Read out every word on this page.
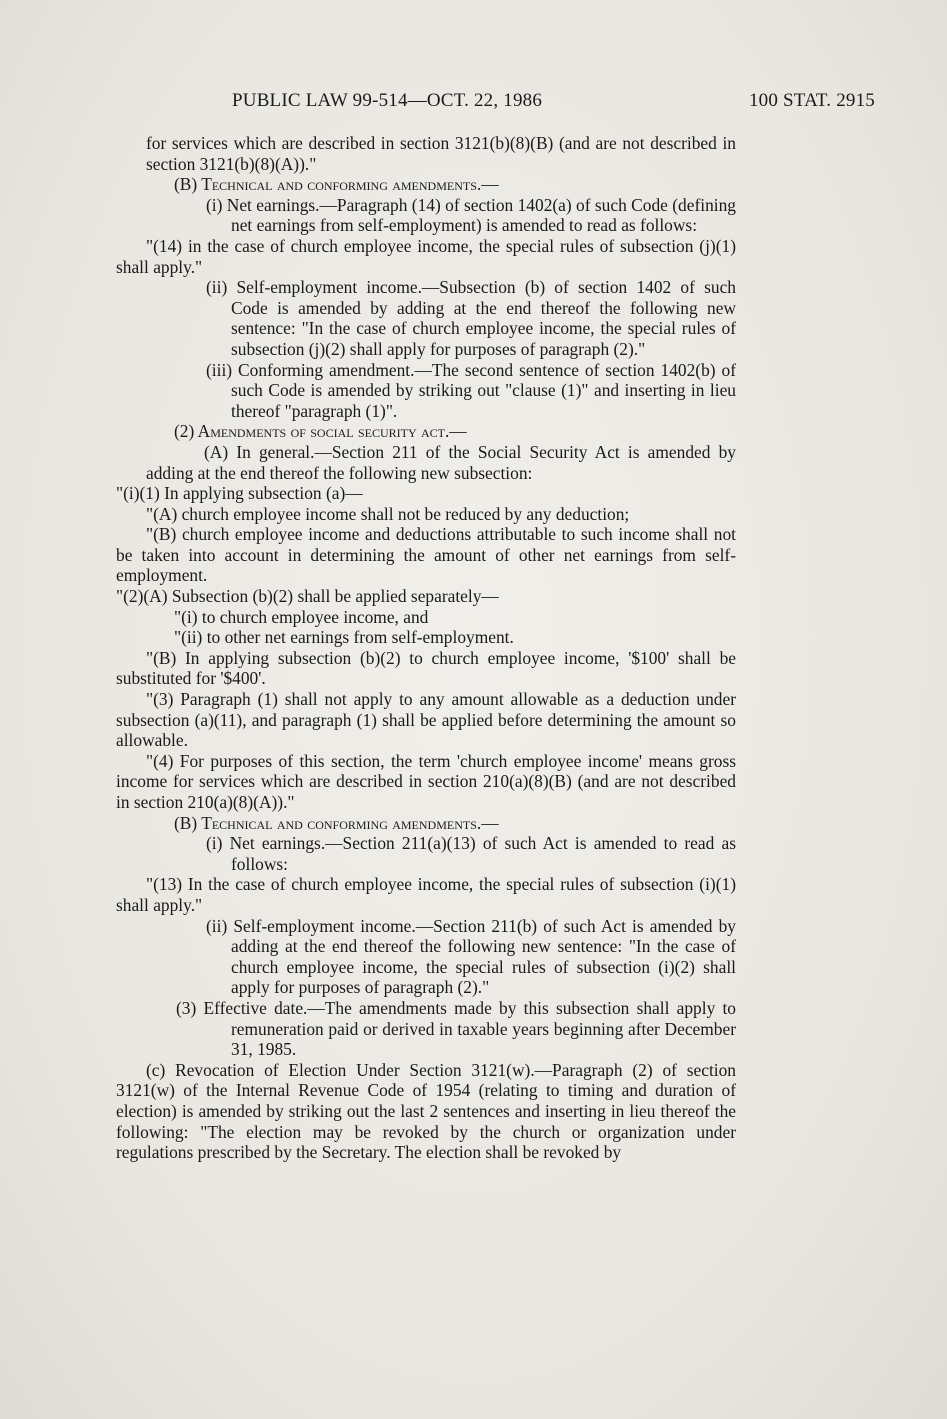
PUBLIC LAW 99-514—OCT. 22, 1986	100 STAT. 2915

for services which are described in section 3121(b)(8)(B) (and are not described in section 3121(b)(8)(A))."

(B) Technical and conforming amendments.—

(i) Net earnings.—Paragraph (14) of section 1402(a) of such Code (defining net earnings from self-employment) is amended to read as follows:

"(14) in the case of church employee income, the special rules of subsection (j)(1) shall apply."

(ii) Self-employment income.—Subsection (b) of section 1402 of such Code is amended by adding at the end thereof the following new sentence: "In the case of church employee income, the special rules of subsection (j)(2) shall apply for purposes of paragraph (2)."

(iii) Conforming amendment.—The second sentence of section 1402(b) of such Code is amended by striking out "clause (1)" and inserting in lieu thereof "paragraph (1)".

(2) Amendments of social security act.—

(A) In general.—Section 211 of the Social Security Act is amended by adding at the end thereof the following new subsection:

"(i)(1) In applying subsection (a)—

"(A) church employee income shall not be reduced by any deduction;

"(B) church employee income and deductions attributable to such income shall not be taken into account in determining the amount of other net earnings from self-employment.

"(2)(A) Subsection (b)(2) shall be applied separately—

"(i) to church employee income, and

"(ii) to other net earnings from self-employment.

"(B) In applying subsection (b)(2) to church employee income, '$100' shall be substituted for '$400'.

"(3) Paragraph (1) shall not apply to any amount allowable as a deduction under subsection (a)(11), and paragraph (1) shall be applied before determining the amount so allowable.

"(4) For purposes of this section, the term 'church employee income' means gross income for services which are described in section 210(a)(8)(B) (and are not described in section 210(a)(8)(A))."

(B) Technical and conforming amendments.—

(i) Net earnings.—Section 211(a)(13) of such Act is amended to read as follows:

"(13) In the case of church employee income, the special rules of subsection (i)(1) shall apply."

(ii) Self-employment income.—Section 211(b) of such Act is amended by adding at the end thereof the following new sentence: "In the case of church employee income, the special rules of subsection (i)(2) shall apply for purposes of paragraph (2)."

(3) Effective date.—The amendments made by this subsection shall apply to remuneration paid or derived in taxable years beginning after December 31, 1985.

(c) Revocation of Election Under Section 3121(w).—Paragraph (2) of section 3121(w) of the Internal Revenue Code of 1954 (relating to timing and duration of election) is amended by striking out the last 2 sentences and inserting in lieu thereof the following: "The election may be revoked by the church or organization under regulations prescribed by the Secretary. The election shall be revoked by
